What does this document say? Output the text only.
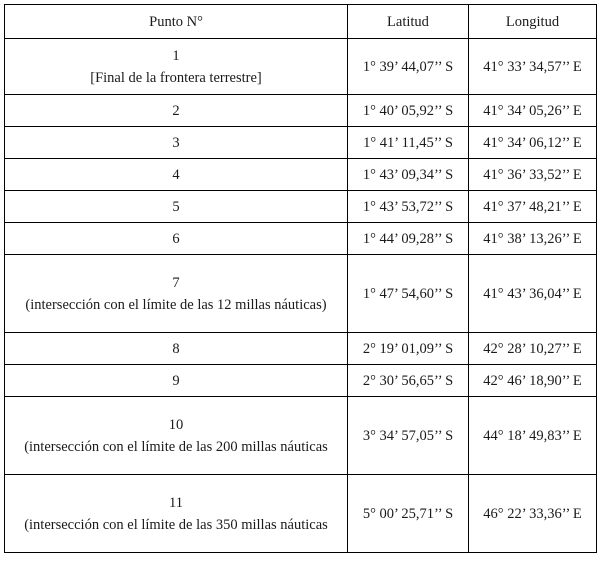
Punto N°	Latitud	Longitud

1
[Final de la frontera terrestre]	1° 39’ 44,07’’ S	41° 33’ 34,57’’ E

2	1° 40’ 05,92’’ S	41° 34’ 05,26’’ E

3	1° 41’ 11,45’’ S	41° 34’ 06,12’’ E

4	1° 43’ 09,34’’ S	41° 36’ 33,52’’ E

5	1° 43’ 53,72’’ S	41° 37’ 48,21’’ E

6	1° 44’ 09,28’’ S	41° 38’ 13,26’’ E

7
(intersección con el límite de las 12 millas náuticas)	1° 47’ 54,60’’ S	41° 43’ 36,04’’ E

8	2° 19’ 01,09’’ S	42° 28’ 10,27’’ E

9	2° 30’ 56,65’’ S	42° 46’ 18,90’’ E

10
(intersección con el límite de las 200 millas náuticas	3° 34’ 57,05’’ S	44° 18’ 49,83’’ E

11
(intersección con el límite de las 350 millas náuticas	5° 00’ 25,71’’ S	46° 22’ 33,36’’ E
